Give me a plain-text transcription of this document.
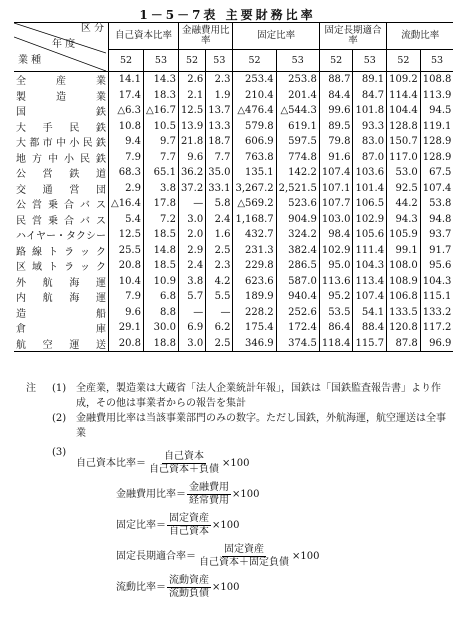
1－5－7表 主要財務比率
区 分
年 度
業 種	自己資本比率		金融費用比率		固定比率		固定長期適合率		流動比率	
	52	53	52	53	52	53	52	53	52	53
全 産 業	14.1	14.3	2.6	2.3	253.4	253.8	88.7	89.1	109.2	108.8
製 造 業	17.4	18.3	2.1	1.9	210.4	201.4	84.4	84.7	114.4	113.9
国 鉄	△6.3	△16.7	12.5	13.7	△476.4	△544.3	99.6	101.8	104.4	94.5
大 手 民 鉄	10.8	10.5	13.9	13.3	579.8	619.1	89.5	93.3	128.8	119.1
大都市中小民鉄	9.4	9.7	21.8	18.7	606.9	597.5	79.8	83.0	150.7	128.9
地方中小民鉄	7.9	7.7	9.6	7.7	763.8	774.8	91.6	87.0	117.0	128.9
公 営 鉄 道	68.3	65.1	36.2	35.0	135.1	142.2	107.4	103.6	53.0	67.5
交 通 営 団	2.9	3.8	37.2	33.1	3,267.2	2,521.5	107.1	101.4	92.5	107.4
公営乗合バス	△16.4	17.8	—	5.8	△569.2	523.6	107.7	106.5	44.2	53.8
民営乗合バス	5.4	7.2	3.0	2.4	1,168.7	904.9	103.0	102.9	94.3	94.8
ハイヤー・タクシー	12.5	18.5	2.0	1.6	432.7	324.2	98.4	105.6	105.9	93.7
路線トラック	25.5	14.8	2.9	2.5	231.3	382.4	102.9	111.4	99.1	91.7
区域トラック	20.8	18.5	2.4	2.3	229.8	286.5	95.0	104.3	108.0	95.6
外 航 海 運	10.4	10.9	3.8	4.2	623.6	587.0	113.6	113.4	108.9	104.3
内 航 海 運	7.9	6.8	5.7	5.5	189.9	940.4	95.2	107.4	106.8	115.1
造 船	9.6	8.8	—	—	228.2	252.6	53.5	54.1	133.5	133.2
倉 庫	29.1	30.0	6.9	6.2	175.4	172.4	86.4	88.4	120.8	117.2
航 空 運 送	20.8	18.8	3.0	2.5	346.9	374.5	118.4	115.7	87.8	96.9
注	(1) 全産業，製造業は大蔵省「法人企業統計年報」，国鉄は「国鉄監査報告書」より作成，その他は事業者からの報告を集計
(2) 金融費用比率は当該事業部門のみの数字。ただし国鉄，外航海運，航空運送は全事業
(3)
自己資本比率＝ $\frac{\text{自己資本}}{\text{自己資本＋負債}} \times 100$
金融費用比率＝ $\frac{\text{金融費用}}{\text{経常費用}} \times 100$
固定比率＝ $\frac{\text{固定資産}}{\text{自己資本}} \times 100$
固定長期適合率＝ $\frac{\text{固定資産}}{\text{自己資本＋固定負債}} \times 100$
流動比率＝ $\frac{\text{流動資産}}{\text{流動負債}} \times 100$
